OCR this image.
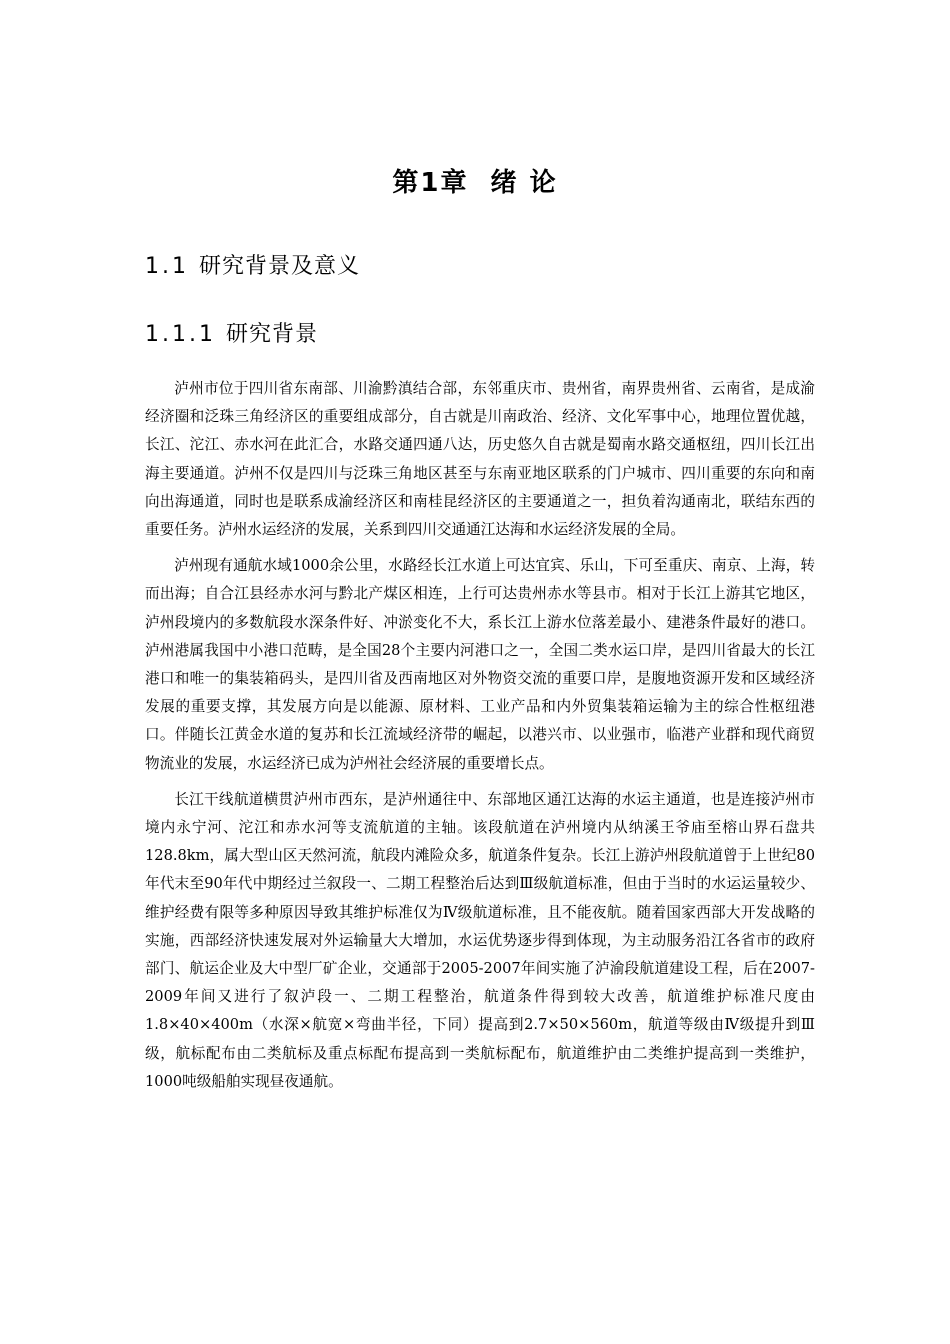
第1章 绪 论
1.1 研究背景及意义
1.1.1 研究背景

泸州市位于四川省东南部、川渝黔滇结合部，东邻重庆市、贵州省，南界贵州省、云南省，是成渝经济圈和泛珠三角经济区的重要组成部分，自古就是川南政治、经济、文化军事中心，地理位置优越，长江、沱江、赤水河在此汇合，水路交通四通八达，历史悠久自古就是蜀南水路交通枢纽，四川长江出海主要通道。泸州不仅是四川与泛珠三角地区甚至与东南亚地区联系的门户城市、四川重要的东向和南向出海通道，同时也是联系成渝经济区和南桂昆经济区的主要通道之一，担负着沟通南北，联结东西的重要任务。泸州水运经济的发展，关系到四川交通通江达海和水运经济发展的全局。

泸州现有通航水域1000余公里，水路经长江水道上可达宜宾、乐山，下可至重庆、南京、上海，转而出海；自合江县经赤水河与黔北产煤区相连，上行可达贵州赤水等县市。相对于长江上游其它地区，泸州段境内的多数航段水深条件好、冲淤变化不大，系长江上游水位落差最小、建港条件最好的港口。泸州港属我国中小港口范畴，是全国28个主要内河港口之一，全国二类水运口岸，是四川省最大的长江港口和唯一的集装箱码头，是四川省及西南地区对外物资交流的重要口岸，是腹地资源开发和区域经济发展的重要支撑，其发展方向是以能源、原材料、工业产品和内外贸集装箱运输为主的综合性枢纽港口。伴随长江黄金水道的复苏和长江流域经济带的崛起，以港兴市、以业强市，临港产业群和现代商贸物流业的发展，水运经济已成为泸州社会经济展的重要增长点。

长江干线航道横贯泸州市西东，是泸州通往中、东部地区通江达海的水运主通道，也是连接泸州市境内永宁河、沱江和赤水河等支流航道的主轴。该段航道在泸州境内从纳溪王爷庙至榕山界石盘共128.8km，属大型山区天然河流，航段内滩险众多，航道条件复杂。长江上游泸州段航道曾于上世纪80年代末至90年代中期经过兰叙段一、二期工程整治后达到Ⅲ级航道标准，但由于当时的水运运量较少、维护经费有限等多种原因导致其维护标准仅为Ⅳ级航道标准，且不能夜航。随着国家西部大开发战略的实施，西部经济快速发展对外运输量大大增加，水运优势逐步得到体现，为主动服务沿江各省市的政府部门、航运企业及大中型厂矿企业，交通部于2005-2007年间实施了泸渝段航道建设工程，后在2007-2009年间又进行了叙泸段一、二期工程整治，航道条件得到较大改善，航道维护标准尺度由1.8×40×400m（水深×航宽×弯曲半径，下同）提高到2.7×50×560m，航道等级由Ⅳ级提升到Ⅲ级，航标配布由二类航标及重点标配布提高到一类航标配布，航道维护由二类维护提高到一类维护，1000吨级船舶实现昼夜通航。
